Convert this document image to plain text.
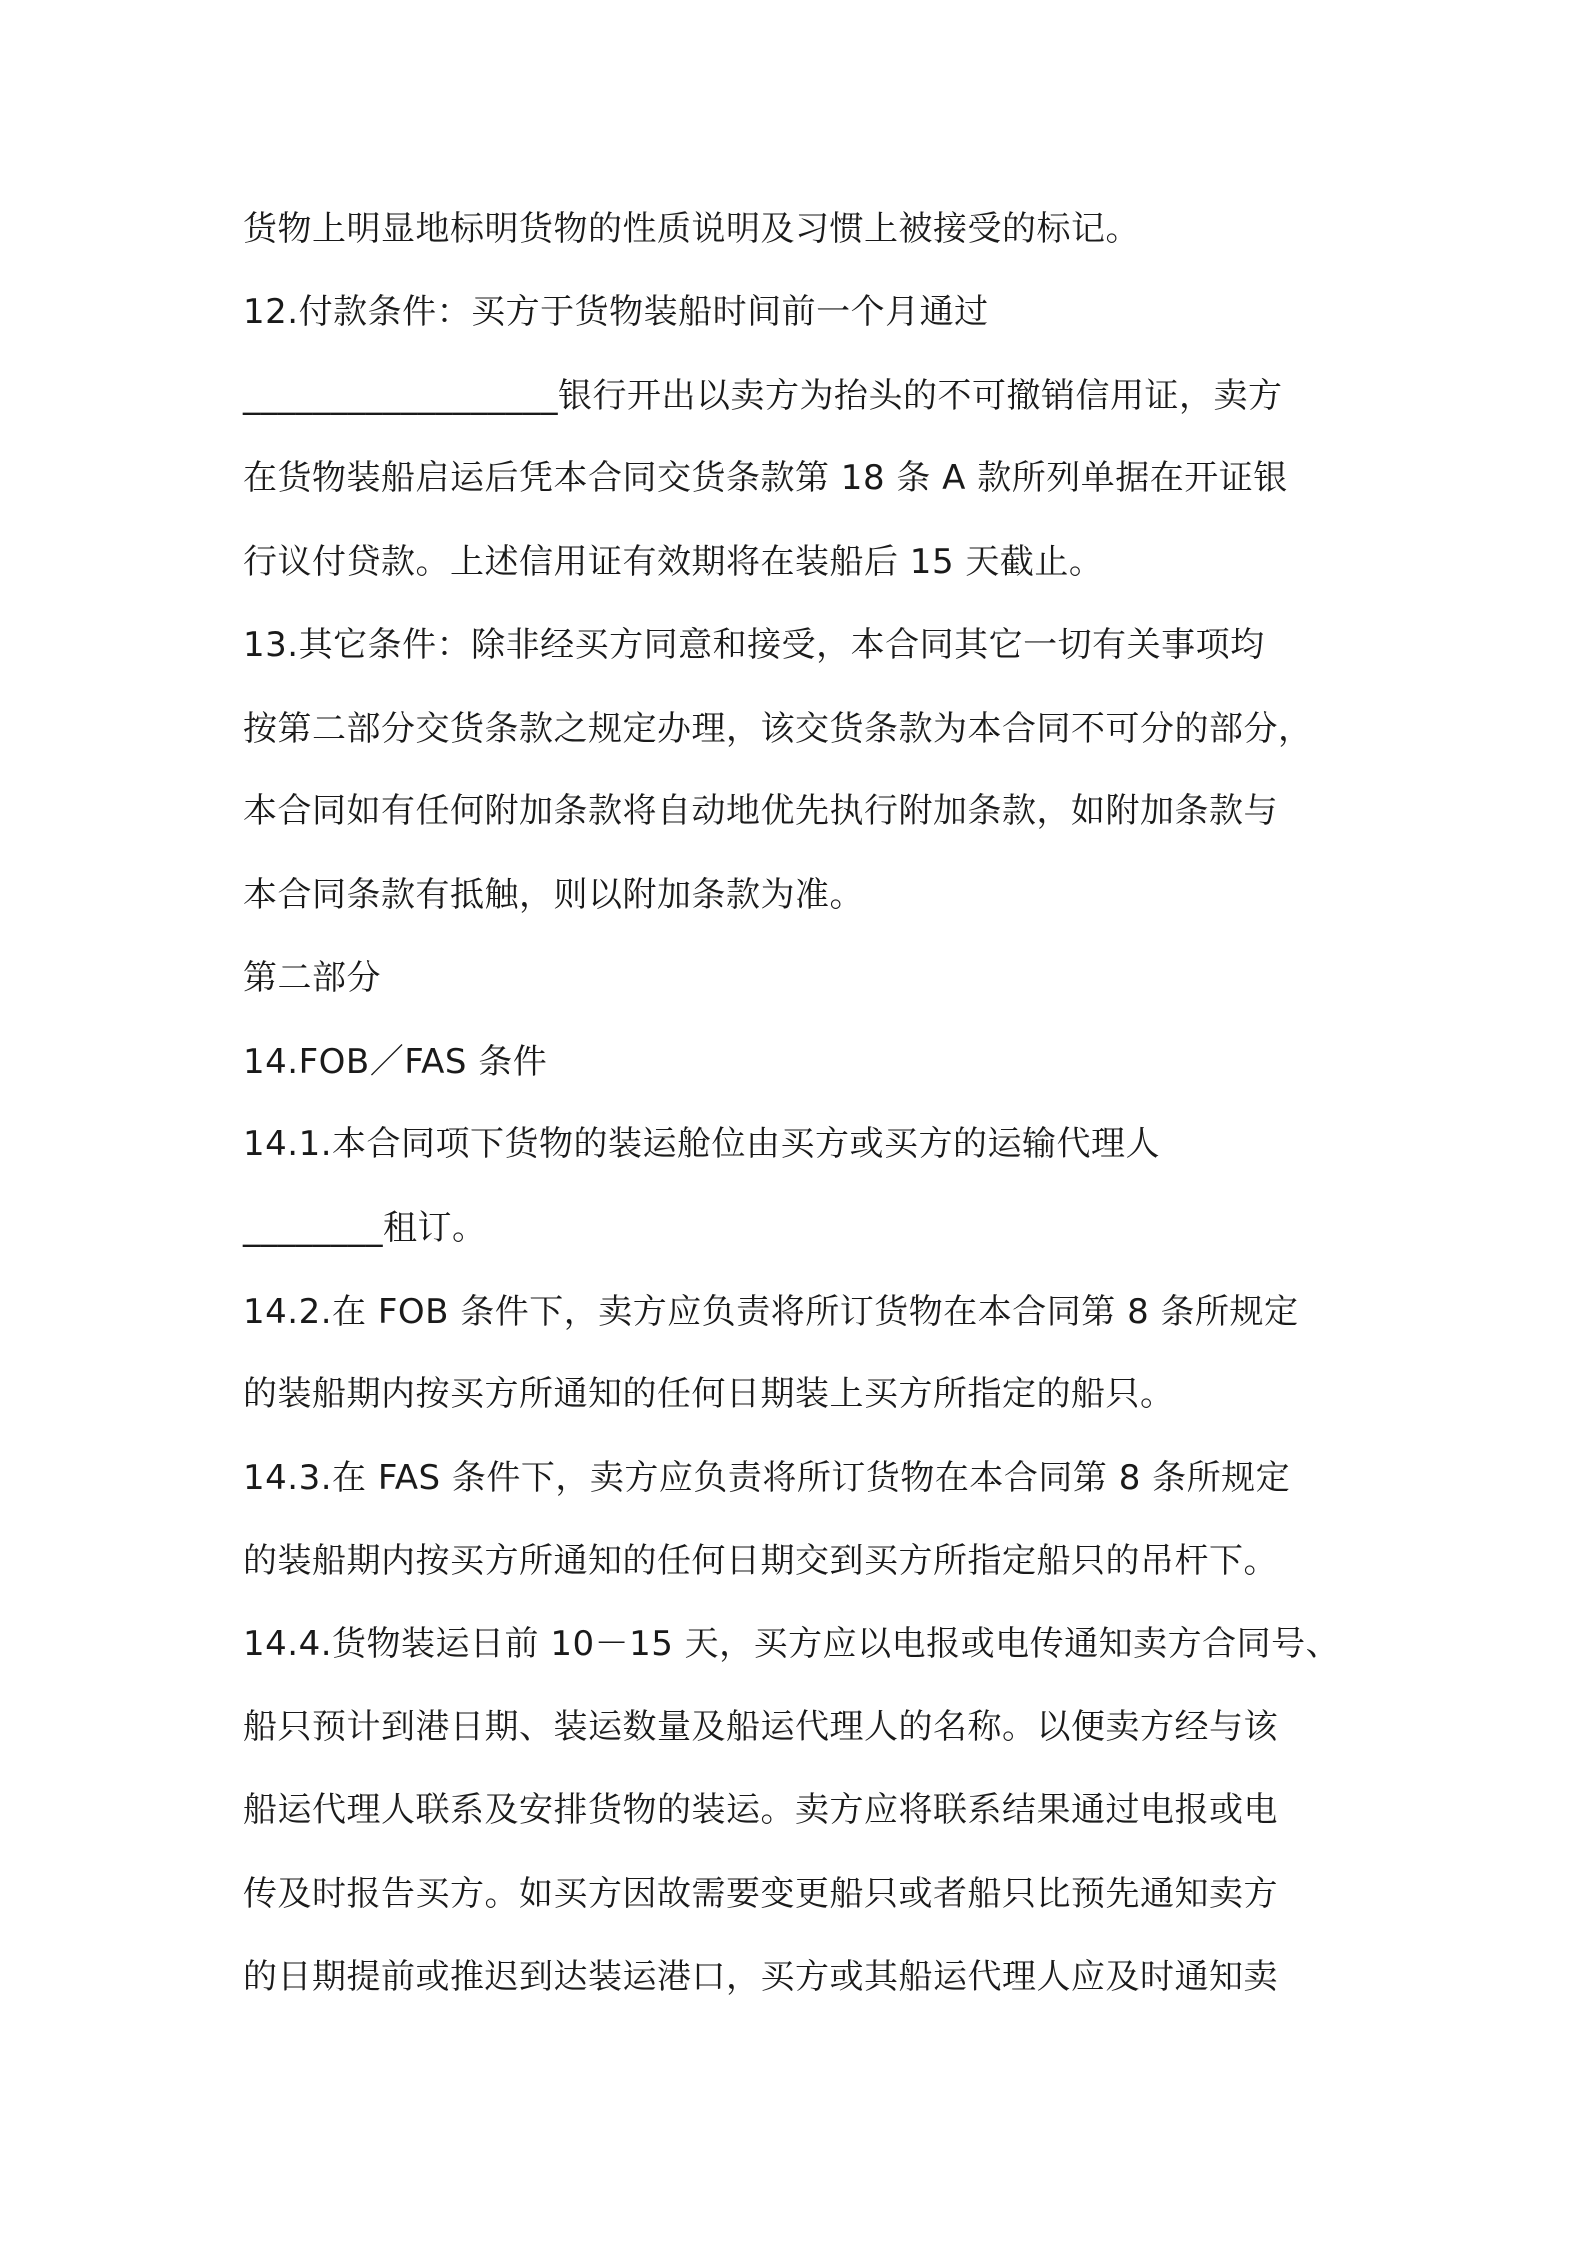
货物上明显地标明货物的性质说明及习惯上被接受的标记。
12.付款条件：买方于货物装船时间前一个月通过
__________________银行开出以卖方为抬头的不可撤销信用证，卖方
在货物装船启运后凭本合同交货条款第 18 条 A 款所列单据在开证银
行议付贷款。上述信用证有效期将在装船后 15 天截止。
13.其它条件：除非经买方同意和接受，本合同其它一切有关事项均
按第二部分交货条款之规定办理，该交货条款为本合同不可分的部分，
本合同如有任何附加条款将自动地优先执行附加条款，如附加条款与
本合同条款有抵触，则以附加条款为准。
第二部分
14.FOB／FAS 条件
14.1.本合同项下货物的装运舱位由买方或买方的运输代理人
________租订。
14.2.在 FOB 条件下，卖方应负责将所订货物在本合同第 8 条所规定
的装船期内按买方所通知的任何日期装上买方所指定的船只。
14.3.在 FAS 条件下，卖方应负责将所订货物在本合同第 8 条所规定
的装船期内按买方所通知的任何日期交到买方所指定船只的吊杆下。
14.4.货物装运日前 10－15 天，买方应以电报或电传通知卖方合同号、
船只预计到港日期、装运数量及船运代理人的名称。以便卖方经与该
船运代理人联系及安排货物的装运。卖方应将联系结果通过电报或电
传及时报告买方。如买方因故需要变更船只或者船只比预先通知卖方
的日期提前或推迟到达装运港口，买方或其船运代理人应及时通知卖
